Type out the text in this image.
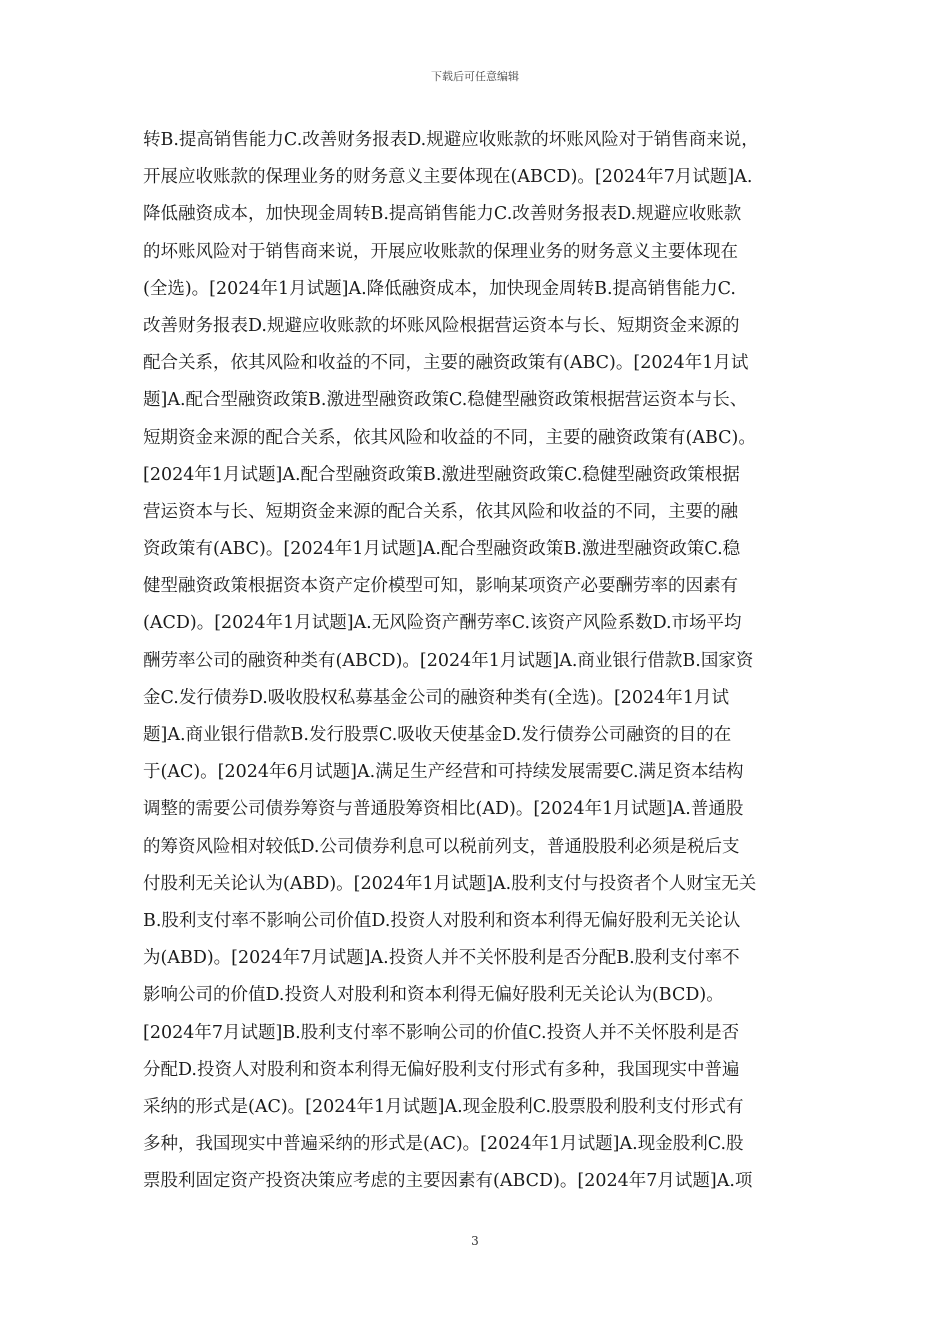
下载后可任意编辑
转B.提高销售能力C.改善财务报表D.规避应收账款的坏账风险对于销售商来说，
开展应收账款的保理业务的财务意义主要体现在(ABCD)。[2024年7月试题]A.
降低融资成本，加快现金周转B.提高销售能力C.改善财务报表D.规避应收账款
的坏账风险对于销售商来说，开展应收账款的保理业务的财务意义主要体现在
(全选)。[2024年1月试题]A.降低融资成本，加快现金周转B.提高销售能力C.
改善财务报表D.规避应收账款的坏账风险根据营运资本与长、短期资金来源的
配合关系，依其风险和收益的不同，主要的融资政策有(ABC)。[2024年1月试
题]A.配合型融资政策B.激进型融资政策C.稳健型融资政策根据营运资本与长、
短期资金来源的配合关系，依其风险和收益的不同，主要的融资政策有(ABC)。
[2024年1月试题]A.配合型融资政策B.激进型融资政策C.稳健型融资政策根据
营运资本与长、短期资金来源的配合关系，依其风险和收益的不同，主要的融
资政策有(ABC)。[2024年1月试题]A.配合型融资政策B.激进型融资政策C.稳
健型融资政策根据资本资产定价模型可知，影响某项资产必要酬劳率的因素有
(ACD)。[2024年1月试题]A.无风险资产酬劳率C.该资产风险系数D.市场平均
酬劳率公司的融资种类有(ABCD)。[2024年1月试题]A.商业银行借款B.国家资
金C.发行债券D.吸收股权私募基金公司的融资种类有(全选)。[2024年1月试
题]A.商业银行借款B.发行股票C.吸收天使基金D.发行债券公司融资的目的在
于(AC)。[2024年6月试题]A.满足生产经营和可持续发展需要C.满足资本结构
调整的需要公司债券筹资与普通股筹资相比(AD)。[2024年1月试题]A.普通股
的筹资风险相对较低D.公司债券利息可以税前列支，普通股股利必须是税后支
付股利无关论认为(ABD)。[2024年1月试题]A.股利支付与投资者个人财宝无关
B.股利支付率不影响公司价值D.投资人对股利和资本利得无偏好股利无关论认
为(ABD)。[2024年7月试题]A.投资人并不关怀股利是否分配B.股利支付率不
影响公司的价值D.投资人对股利和资本利得无偏好股利无关论认为(BCD)。
[2024年7月试题]B.股利支付率不影响公司的价值C.投资人并不关怀股利是否
分配D.投资人对股利和资本利得无偏好股利支付形式有多种，我国现实中普遍
采纳的形式是(AC)。[2024年1月试题]A.现金股利C.股票股利股利支付形式有
多种，我国现实中普遍采纳的形式是(AC)。[2024年1月试题]A.现金股利C.股
票股利固定资产投资决策应考虑的主要因素有(ABCD)。[2024年7月试题]A.项
3
